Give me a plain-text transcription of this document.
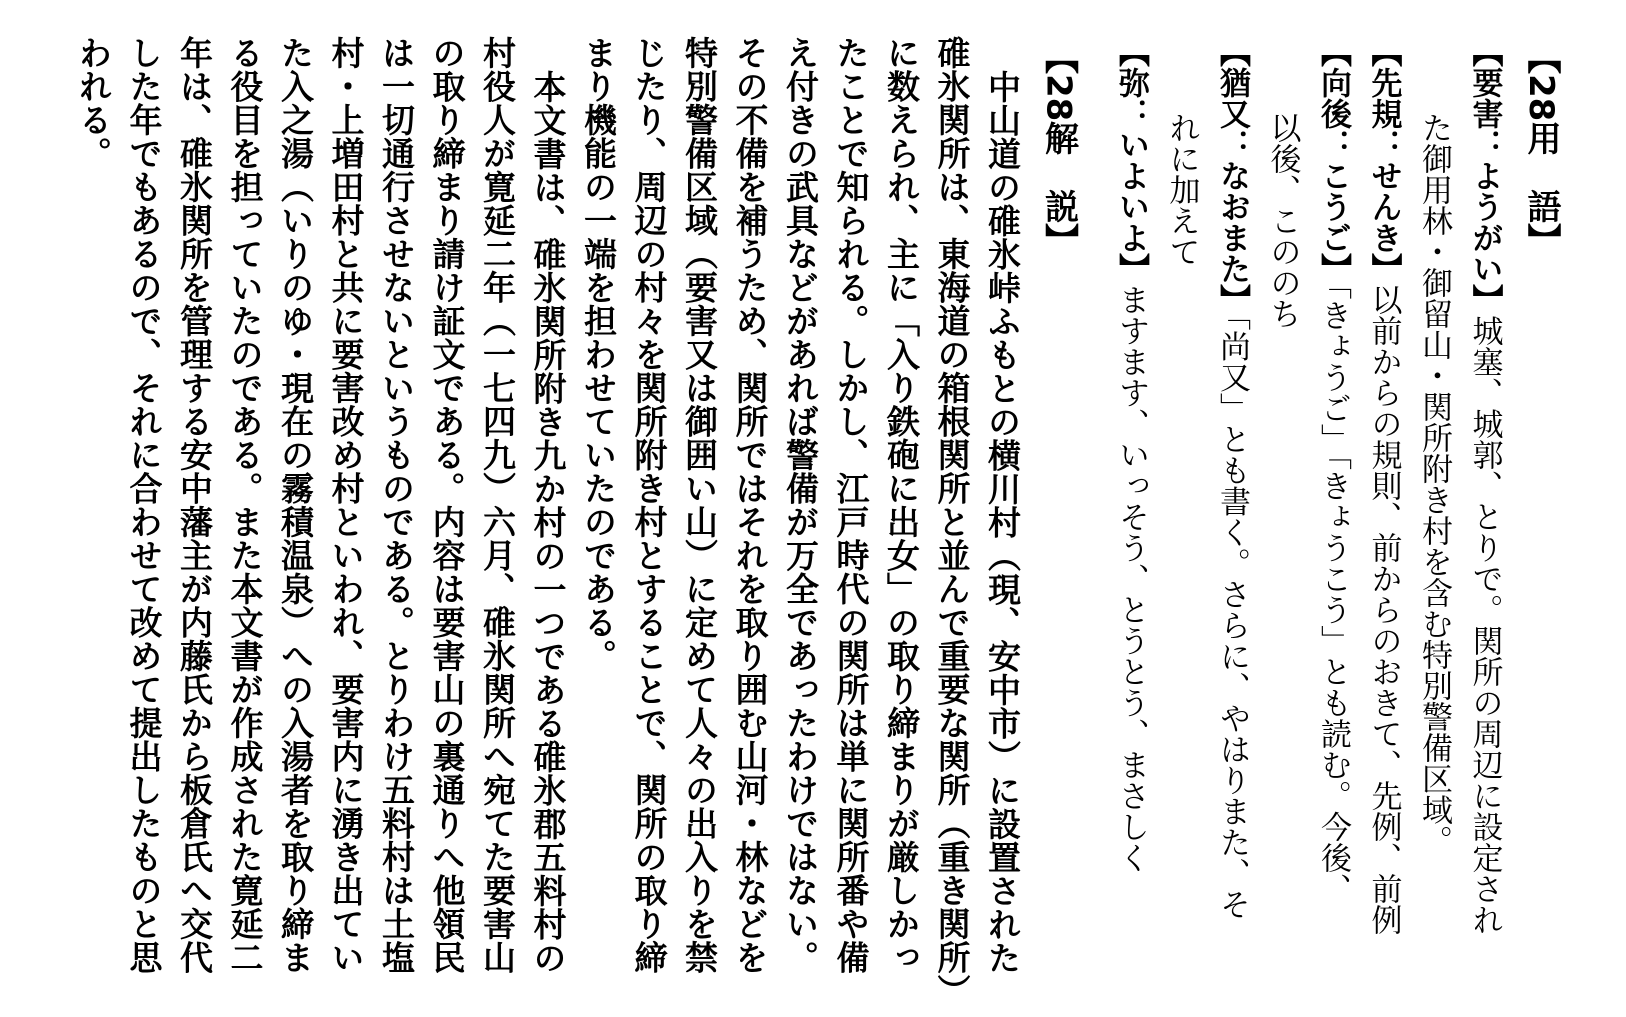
【28用　語】
【要害：ようがい】城塞、城郭、とりで。関所の周辺に設定され
た御用林・御留山・関所附き村を含む特別警備区域。
【先規：せんき】以前からの規則、前からのおきて、先例、前例
【向後：こうご】「きょうご」「きょうこう」とも読む。今後、
以後、こののち
【猶又：なおまた】「尚又」とも書く。さらに、やはりまた、そ
れに加えて
【弥：いよいよ】ますます、いっそう、とうとう、まさしく
【28解　説】
中山道の碓氷峠ふもとの横川村（現、安中市）に設置された
碓氷関所は、東海道の箱根関所と並んで重要な関所（重き関所）
に数えられ、主に「入り鉄砲に出女」の取り締まりが厳しかっ
たことで知られる。しかし、江戸時代の関所は単に関所番や備
え付きの武具などがあれば警備が万全であったわけではない。
その不備を補うため、関所ではそれを取り囲む山河・林などを
特別警備区域（要害又は御囲い山）に定めて人々の出入りを禁
じたり、周辺の村々を関所附き村とすることで、関所の取り締
まり機能の一端を担わせていたのである。
本文書は、碓氷関所附き九か村の一つである碓氷郡五料村の
村役人が寛延二年（一七四九）六月、碓氷関所へ宛てた要害山
の取り締まり請け証文である。内容は要害山の裏通りへ他領民
は一切通行させないというものである。とりわけ五料村は土塩
村・上増田村と共に要害改め村といわれ、要害内に湧き出てい
た入之湯（いりのゆ・現在の霧積温泉）への入湯者を取り締ま
る役目を担っていたのである。また本文書が作成された寛延二
年は、碓氷関所を管理する安中藩主が内藤氏から板倉氏へ交代
した年でもあるので、それに合わせて改めて提出したものと思
われる。
